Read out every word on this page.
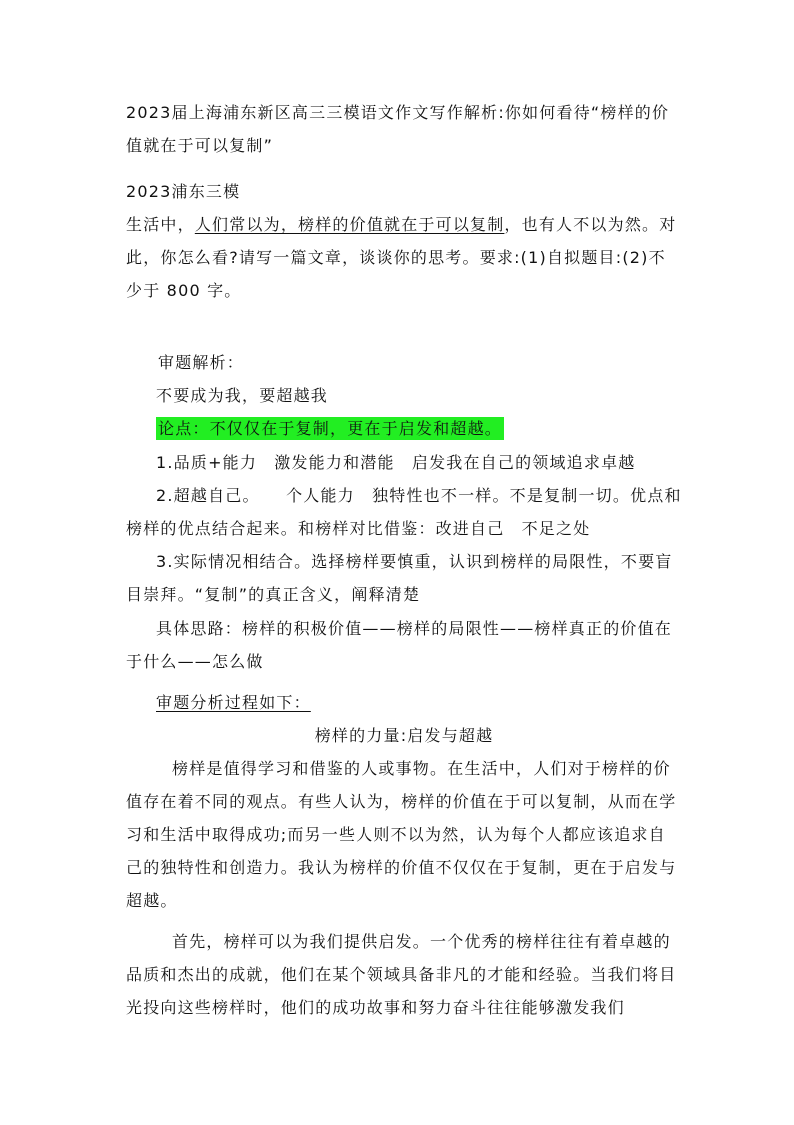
2023届上海浦东新区高三三模语文作文写作解析:你如何看待“榜样的价值就在于可以复制”

2023浦东三模

生活中，人们常以为，榜样的价值就在于可以复制，也有人不以为然。对此，你怎么看?请写一篇文章，谈谈你的思考。要求:(1)自拟题目:(2)不少于 800 字。

审题解析：

不要成为我，要超越我

论点：不仅仅在于复制，更在于启发和超越。

1.品质+能力　激发能力和潜能　启发我在自己的领域追求卓越

2.超越自己。　　个人能力　独特性也不一样。不是复制一切。优点和榜样的优点结合起来。和榜样对比借鉴：改进自己　不足之处

3.实际情况相结合。选择榜样要慎重，认识到榜样的局限性，不要盲目崇拜。“复制”的真正含义，阐释清楚

具体思路：榜样的积极价值——榜样的局限性——榜样真正的价值在于什么——怎么做

审题分析过程如下：

榜样的力量:启发与超越

榜样是值得学习和借鉴的人或事物。在生活中，人们对于榜样的价值存在着不同的观点。有些人认为，榜样的价值在于可以复制，从而在学习和生活中取得成功;而另一些人则不以为然，认为每个人都应该追求自己的独特性和创造力。我认为榜样的价值不仅仅在于复制，更在于启发与超越。

首先，榜样可以为我们提供启发。一个优秀的榜样往往有着卓越的品质和杰出的成就，他们在某个领域具备非凡的才能和经验。当我们将目光投向这些榜样时，他们的成功故事和努力奋斗往往能够激发我们
